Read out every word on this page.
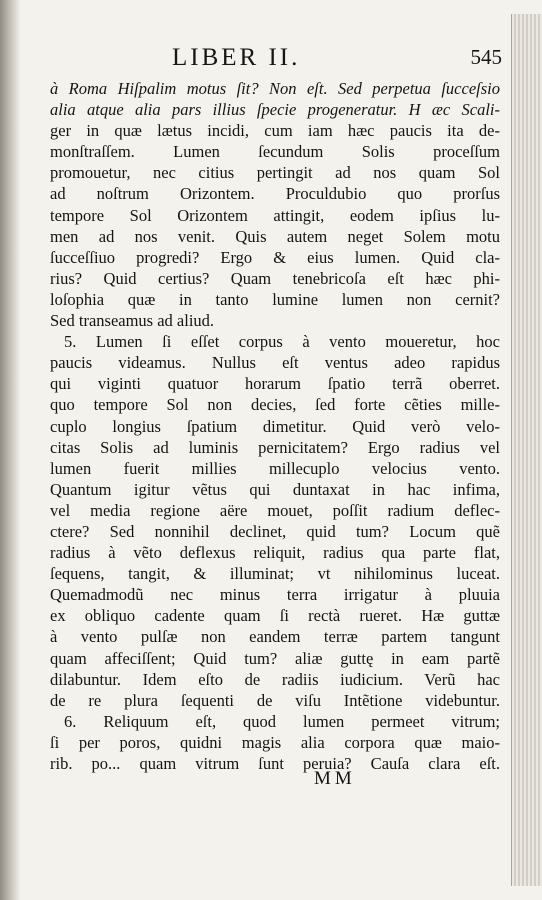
LIBER II.	545
à Roma Hiſpalim motus ſit? Non eſt. Sed perpetua ſucceſsio
alia atque alia pars illius ſpecie progeneratur. H æc Scali-
ger in quæ lætus incidi, cum iam hæc paucis ita de-
monſtraſſem. Lumen ſecundum Solis proceſſum
promouetur, nec citius pertingit ad nos quam Sol
ad noſtrum Orizontem. Proculdubio quo prorſus
tempore Sol Orizontem attingit, eodem ipſius lu-
men ad nos venit. Quis autem neget Solem motu
ſucceſſiuo progredi? Ergo & eius lumen. Quid cla-
rius? Quid certius? Quam tenebricoſa eſt hæc phi-
loſophia quæ in tanto lumine lumen non cernit?
Sed transeamus ad aliud.
5. Lumen ſi eſſet corpus à vento moueretur, hoc
paucis videamus. Nullus eſt ventus adeo rapidus
qui viginti quatuor horarum ſpatio terrã oberret.
quo tempore Sol non decies, ſed forte cẽties mille-
cuplo longius ſpatium dimetitur. Quid verò velo-
citas Solis ad luminis pernicitatem? Ergo radius vel
lumen fuerit millies millecuplo velocius vento.
Quantum igitur vẽtus qui duntaxat in hac infima,
vel media regione aëre mouet, poſſit radium deflec-
ctere? Sed nonnihil declinet, quid tum? Locum quẽ
radius à vẽto deflexus reliquit, radius qua parte flat,
ſequens, tangit, & illuminat; vt nihilominus luceat.
Quemadmodũ nec minus terra irrigatur à pluuia
ex obliquo cadente quam ſi rectà rueret. Hæ guttæ
à vento pulſæ non eandem terræ partem tangunt
quam affeciſſent; Quid tum? aliæ guttę in eam partẽ
dilabuntur. Idem eſto de radiis iudicium. Verũ hac
de re plura ſequenti de viſu Intẽtione videbuntur.
6. Reliquum eſt, quod lumen permeet vitrum;
ſi per poros, quidni magis alia corpora quæ maio-
rib. po... quam vitrum ſunt peruia? Cauſa clara eſt.
MM
